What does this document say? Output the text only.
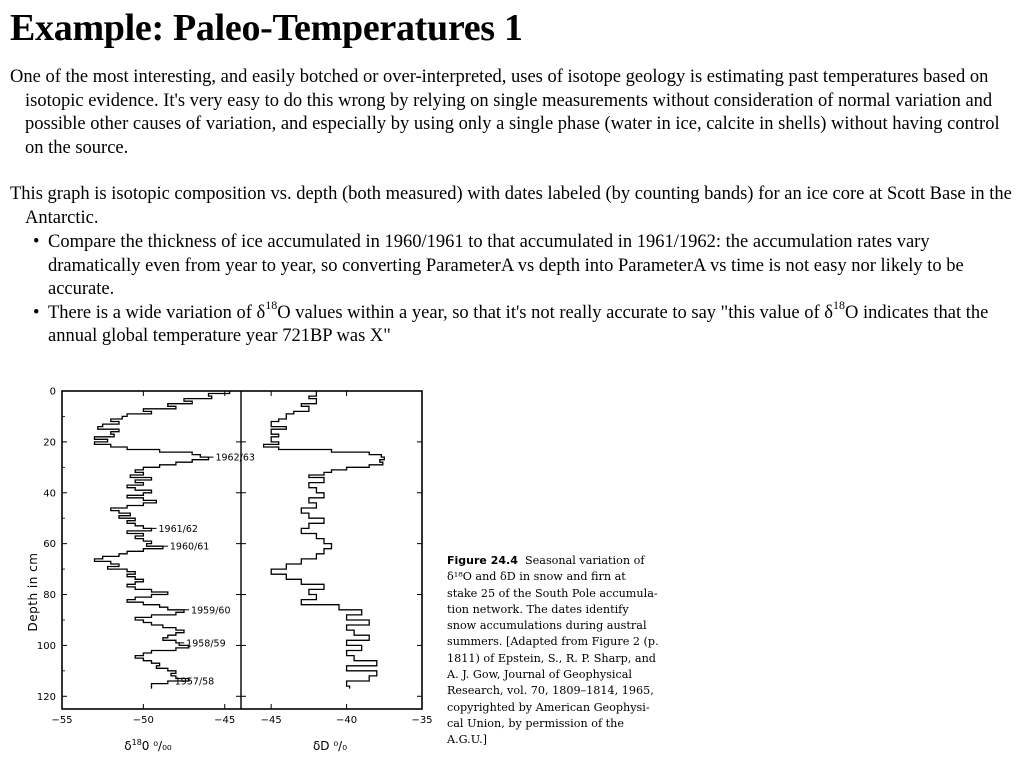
Example: Paleo-Temperatures 1

One of the most interesting, and easily botched or over-interpreted, uses of isotope geology is estimating past temperatures based on isotopic evidence. It's very easy to do this wrong by relying on single measurements without consideration of normal variation and possible other causes of variation, and especially by using only a single phase (water in ice, calcite in shells) without having control on the source.

This graph is isotopic composition vs. depth (both measured) with dates labeled (by counting bands) for an ice core at Scott Base in the Antarctic.

• Compare the thickness of ice accumulated in 1960/1961 to that accumulated in 1961/1962: the accumulation rates vary dramatically even from year to year, so converting ParameterA vs depth into ParameterA vs time is not easy nor likely to be accurate.
• There is a wide variation of $\delta^{18}O$ values within a year, so that it's not really accurate to say "this value of $\delta^{18}O$ indicates that the annual global temperature year 721BP was X"
0
20
40
60
80
100
120
−55	−50	−45	−45	−40	−35
1962/63
1961/62
1960/61
1959/60
1958/59
1957/58
Depth in cm
$\delta^{18}0$ ⁰/₀₀	δD ⁰/₀
Figure 24.4 Seasonal variation of
δ¹⁸O and δD in snow and firn at
stake 25 of the South Pole accumula-
tion network. The dates identify
snow accumulations during austral
summers. [Adapted from Figure 2 (p.
1811) of Epstein, S., R. P. Sharp, and
A. J. Gow, Journal of Geophysical
Research, vol. 70, 1809–1814, 1965,
copyrighted by American Geophysi-
cal Union, by permission of the
A.G.U.]
